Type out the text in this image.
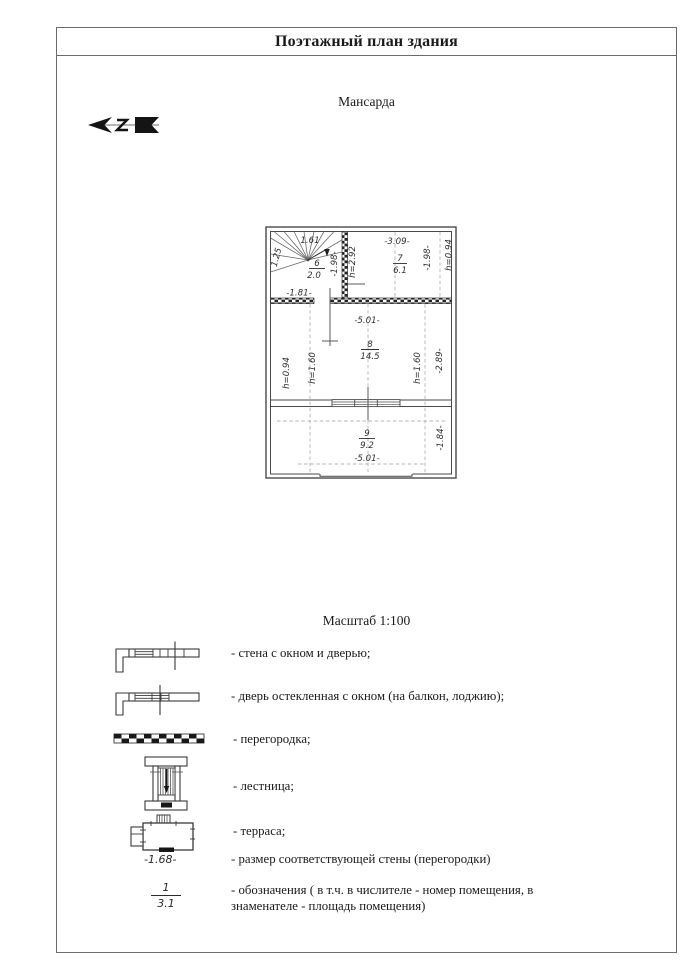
Поэтажный план здания
Мансарда
1.61
1.25	6
2.0
-1.81-
-1.98-
-3.09-
h=2.92	7
6.1
-1.98- h=0.94
-5.01-
8
14.5
h=0.94 h=1.60	h=1.60 -2.89-
9
9.2
-5.01-
-1.84-
Масштаб 1:100
- стена с окном и дверью;
- дверь остекленная с окном (на балкон, лоджию);
- перегородка;
- лестница;
- терраса;
-1.68-	- размер соответствующей стены (перегородки)
$\frac{1}{3.1}$	- обозначения ( в т.ч. в числителе - номер помещения, в знаменателе - площадь помещения)
